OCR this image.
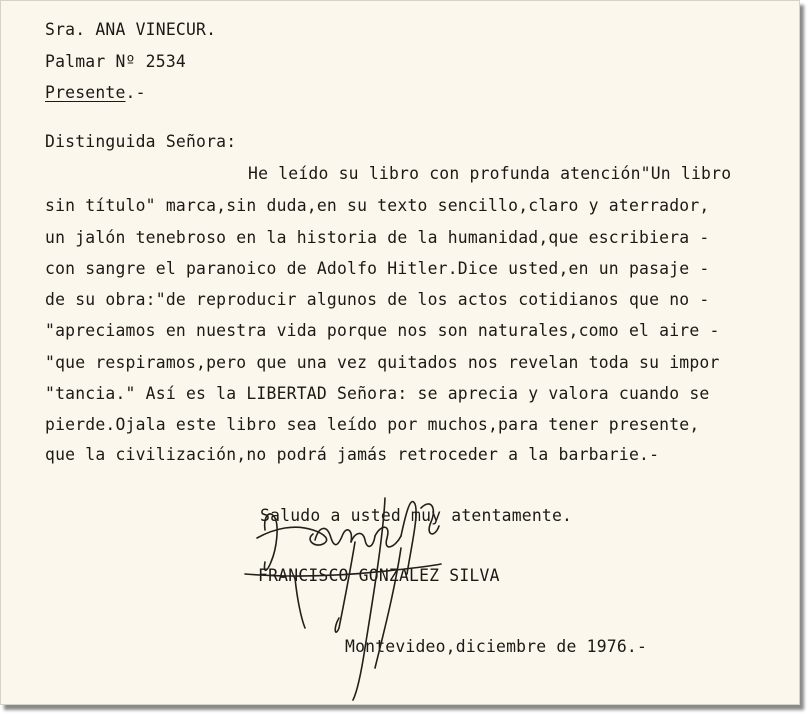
Sra. ANA VINECUR.
Palmar Nº 2534
Presente.-
Distinguida Señora:
He leído su libro con profunda atención"Un libro
sin título" marca,sin duda,en su texto sencillo,claro y aterrador,
un jalón tenebroso en la historia de la humanidad,que escribiera -
con sangre el paranoico de Adolfo Hitler.Dice usted,en un pasaje -
de su obra:"de reproducir algunos de los actos cotidianos que no -
"apreciamos en nuestra vida porque nos son naturales,como el aire -
"que respiramos,pero que una vez quitados nos revelan toda su impor
"tancia." Así es la LIBERTAD Señora: se aprecia y valora cuando se
pierde.Ojala este libro sea leído por muchos,para tener presente,
que la civilización,no podrá jamás retroceder a la barbarie.-
Saludo a usted muy atentamente.
FRANCISCO GONZALEZ SILVA
Montevideo,diciembre de 1976.-
